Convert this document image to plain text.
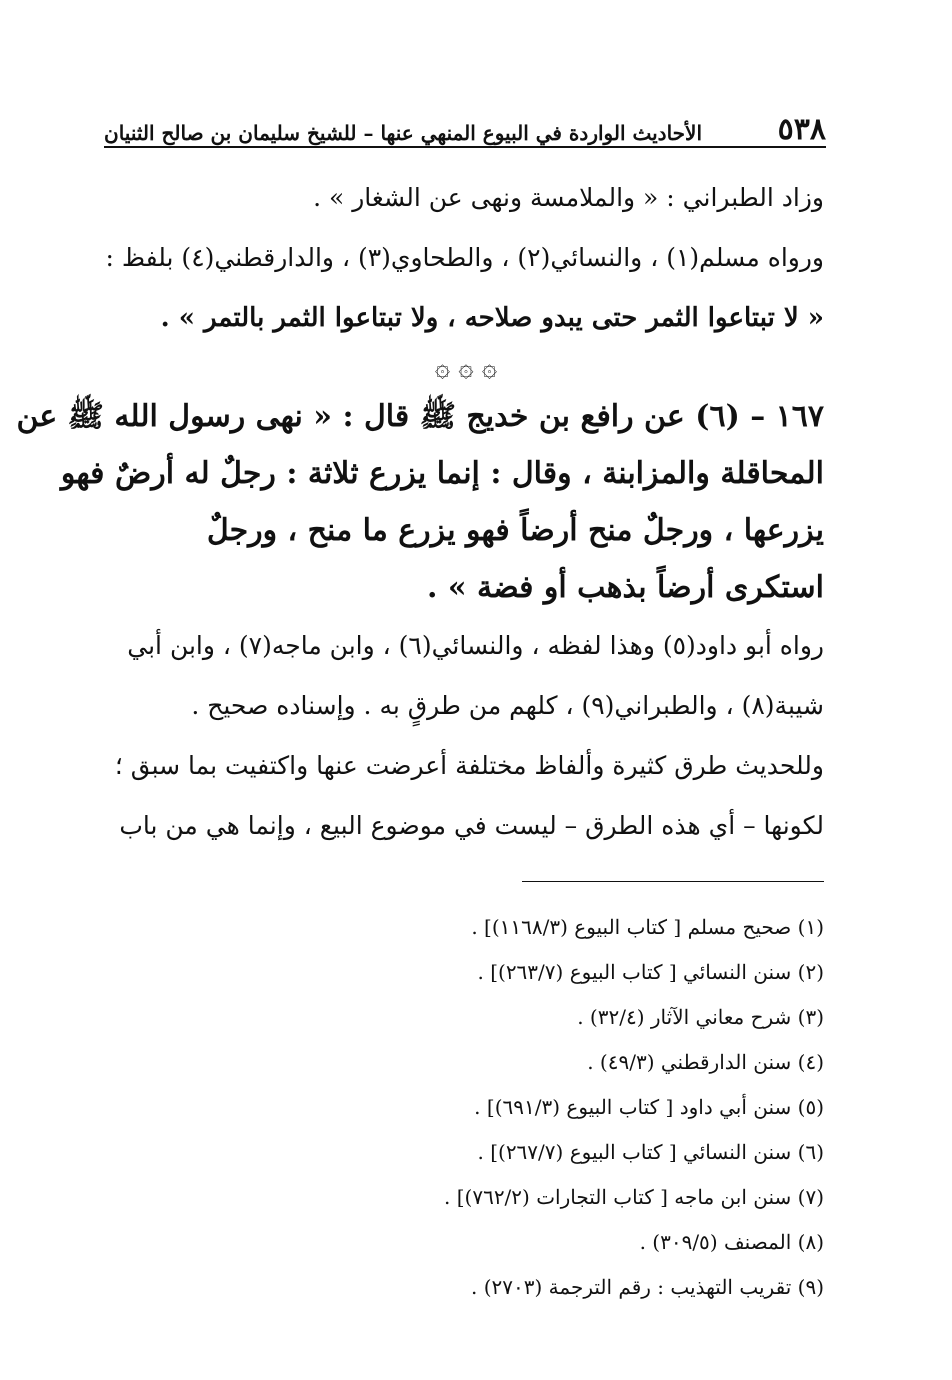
٥٣٨
الأحاديث الواردة في البيوع المنهي عنها – للشيخ سليمان بن صالح الثنيان
وزاد الطبراني : « والملامسة ونهى عن الشغار » .
ورواه مسلم(١) ، والنسائي(٢) ، والطحاوي(٣) ، والدارقطني(٤) بلفظ :
« لا تبتاعوا الثمر حتى يبدو صلاحه ، ولا تبتاعوا الثمر بالتمر » .
۞ ۞ ۞
١٦٧ – (٦) عن رافع بن خديج ﷺ قال : « نهى رسول الله ﷺ عن
المحاقلة والمزابنة ، وقال : إنما يزرع ثلاثة : رجلٌ له أرضٌ فهو
يزرعها ، ورجلٌ منح أرضاً فهو يزرع ما منح ، ورجلٌ
استكرى أرضاً بذهب أو فضة » .
رواه أبو داود(٥) وهذا لفظه ، والنسائي(٦) ، وابن ماجه(٧) ، وابن أبي
شيبة(٨) ، والطبراني(٩) ، كلهم من طرقٍ به . وإسناده صحيح .
وللحديث طرق كثيرة وألفاظ مختلفة أعرضت عنها واكتفيت بما سبق ؛
لكونها – أي هذه الطرق – ليست في موضوع البيع ، وإنما هي من باب
(١) صحيح مسلم [ كتاب البيوع (١١٦٨/٣)] .
(٢) سنن النسائي [ كتاب البيوع (٢٦٣/٧)] .
(٣) شرح معاني الآثار (٣٢/٤) .
(٤) سنن الدارقطني (٤٩/٣) .
(٥) سنن أبي داود [ كتاب البيوع (٦٩١/٣)] .
(٦) سنن النسائي [ كتاب البيوع (٢٦٧/٧)] .
(٧) سنن ابن ماجه [ كتاب التجارات (٧٦٢/٢)] .
(٨) المصنف (٣٠٩/٥) .
(٩) تقريب التهذيب : رقم الترجمة (٢٧٠٣) .
